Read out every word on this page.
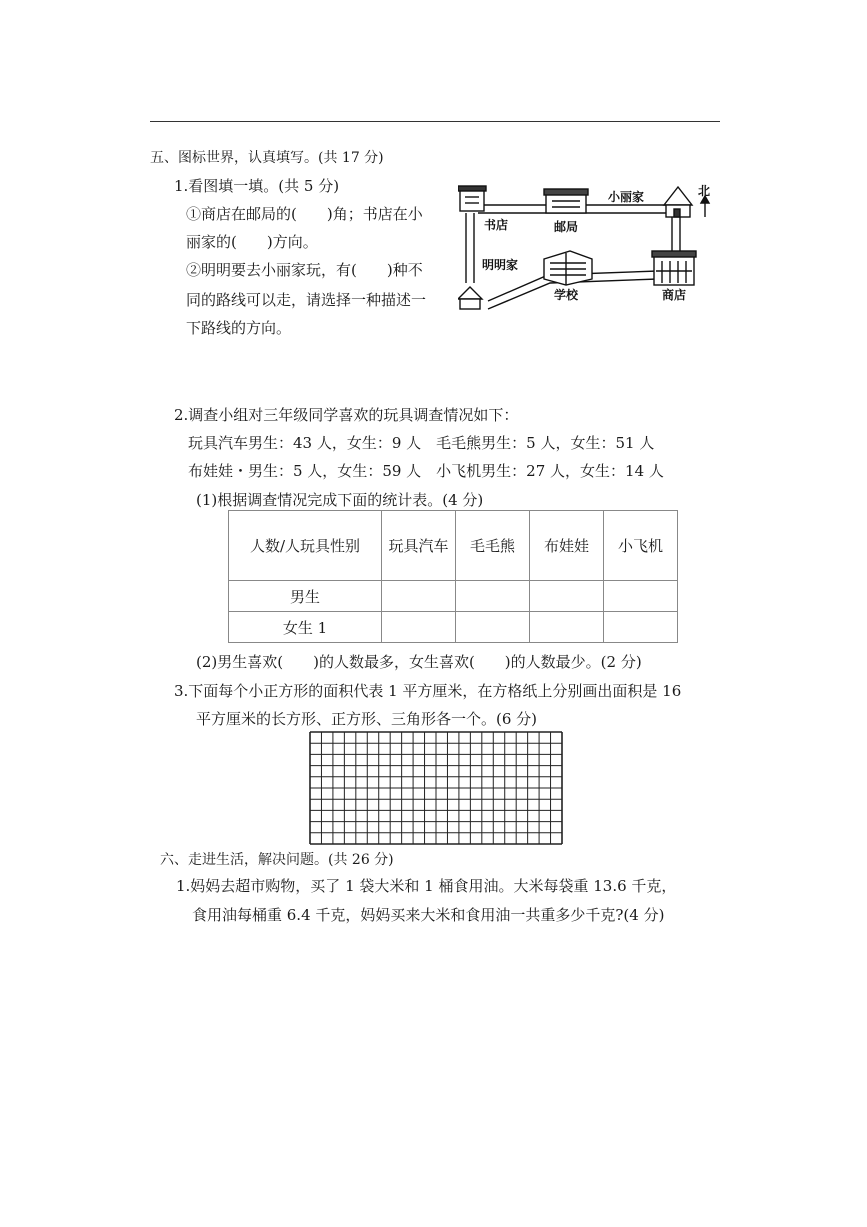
五、图标世界，认真填写。(共 17 分)
1.看图填一填。(共 5 分)
①商店在邮局的(　　)角；书店在小
丽家的(　　)方向。
②明明要去小丽家玩，有(　　)种不
同的路线可以走，请选择一种描述一
下路线的方向。
书店	邮局
小丽家	北
明明家
学校	商店
2.调查小组对三年级同学喜欢的玩具调查情况如下：
玩具汽车男生：43 人，女生：9 人　毛毛熊男生：5 人，女生：51 人
布娃娃・男生：5 人，女生：59 人　小飞机男生：27 人，女生：14 人
(1)根据调查情况完成下面的统计表。(4 分)
人数/人玩具性别	玩具汽车	毛毛熊	布娃娃	小飞机
男生				
女生 1				
(2)男生喜欢(　　)的人数最多，女生喜欢(　　)的人数最少。(2 分)
3.下面每个小正方形的面积代表 1 平方厘米，在方格纸上分别画出面积是 16
平方厘米的长方形、正方形、三角形各一个。(6 分)
六、走进生活，解决问题。(共 26 分)
1.妈妈去超市购物，买了 1 袋大米和 1 桶食用油。大米每袋重 13.6 千克，
食用油每桶重 6.4 千克，妈妈买来大米和食用油一共重多少千克?(4 分)
